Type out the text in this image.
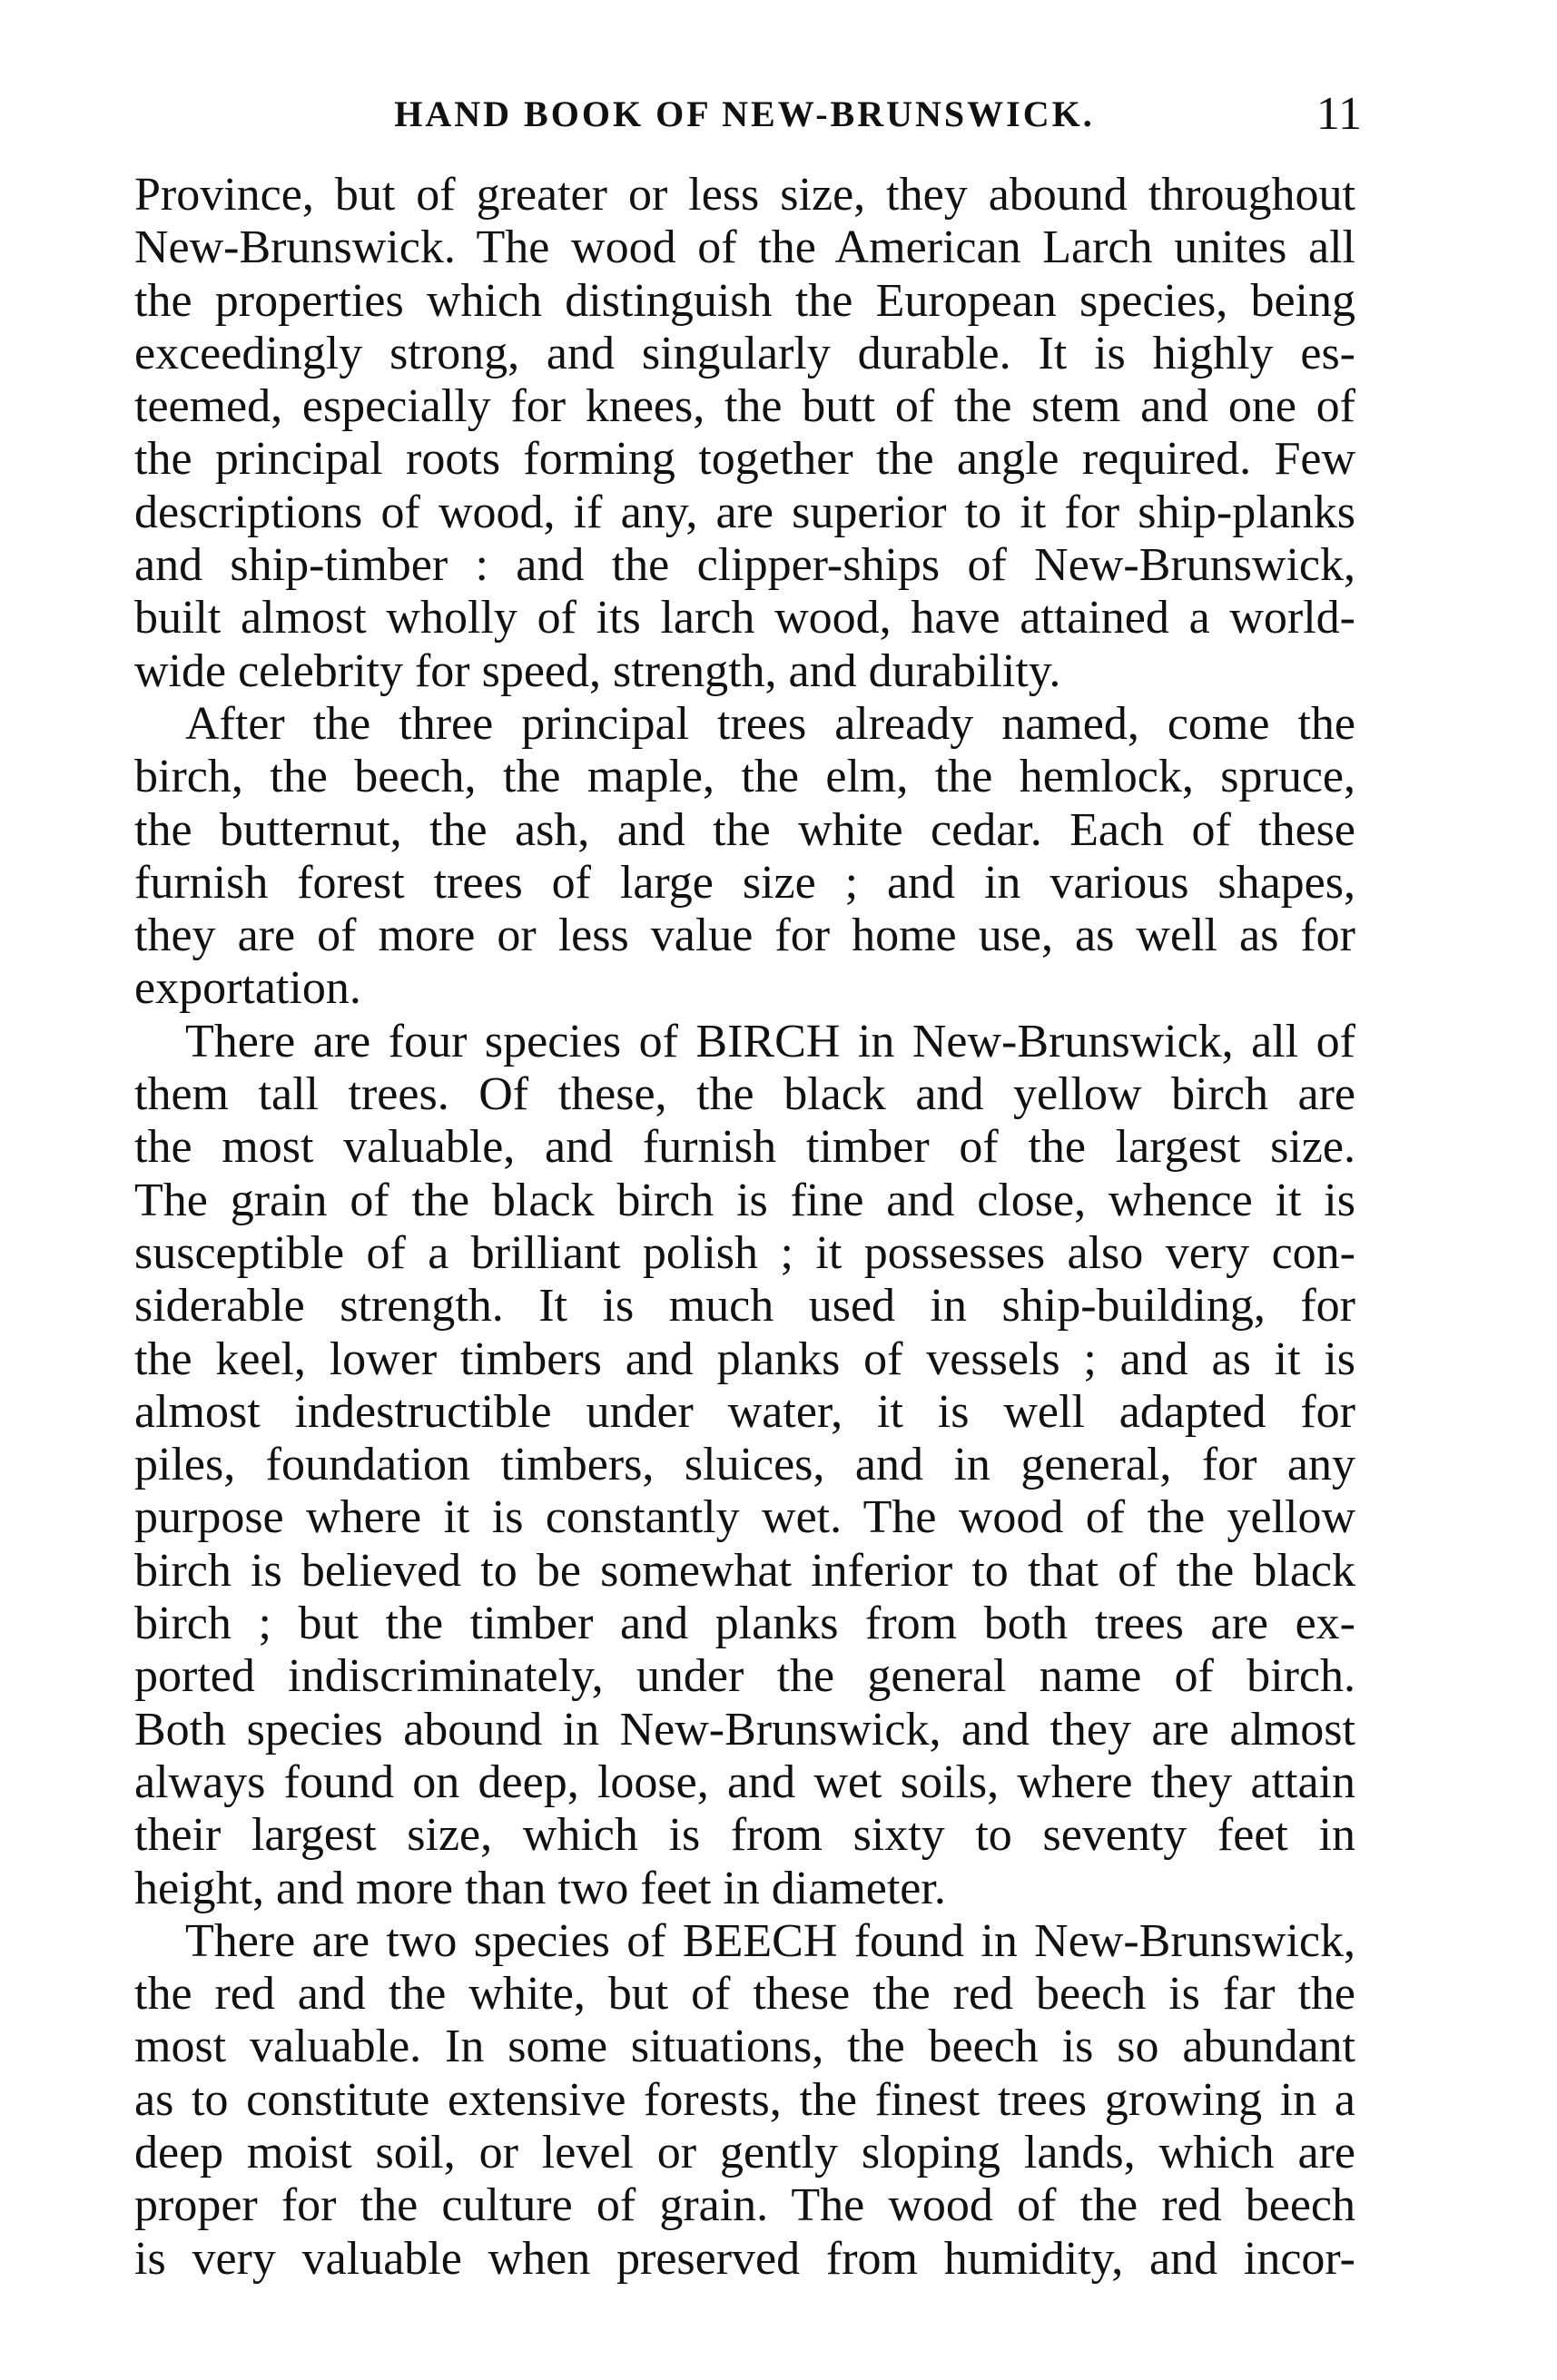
HAND BOOK OF NEW-BRUNSWICK.	11
Province, but of greater or less size, they abound throughout
New-Brunswick. The wood of the American Larch unites all
the properties which distinguish the European species, being
exceedingly strong, and singularly durable. It is highly es-
teemed, especially for knees, the butt of the stem and one of
the principal roots forming together the angle required. Few
descriptions of wood, if any, are superior to it for ship-planks
and ship-timber : and the clipper-ships of New-Brunswick,
built almost wholly of its larch wood, have attained a world-
wide celebrity for speed, strength, and durability.
After the three principal trees already named, come the
birch, the beech, the maple, the elm, the hemlock, spruce,
the butternut, the ash, and the white cedar. Each of these
furnish forest trees of large size ; and in various shapes,
they are of more or less value for home use, as well as for
exportation.
There are four species of BIRCH in New-Brunswick, all of
them tall trees. Of these, the black and yellow birch are
the most valuable, and furnish timber of the largest size.
The grain of the black birch is fine and close, whence it is
susceptible of a brilliant polish ; it possesses also very con-
siderable strength. It is much used in ship-building, for
the keel, lower timbers and planks of vessels ; and as it is
almost indestructible under water, it is well adapted for
piles, foundation timbers, sluices, and in general, for any
purpose where it is constantly wet. The wood of the yellow
birch is believed to be somewhat inferior to that of the black
birch ; but the timber and planks from both trees are ex-
ported indiscriminately, under the general name of birch.
Both species abound in New-Brunswick, and they are almost
always found on deep, loose, and wet soils, where they attain
their largest size, which is from sixty to seventy feet in
height, and more than two feet in diameter.
There are two species of BEECH found in New-Brunswick,
the red and the white, but of these the red beech is far the
most valuable. In some situations, the beech is so abundant
as to constitute extensive forests, the finest trees growing in a
deep moist soil, or level or gently sloping lands, which are
proper for the culture of grain. The wood of the red beech
is very valuable when preserved from humidity, and incor-
